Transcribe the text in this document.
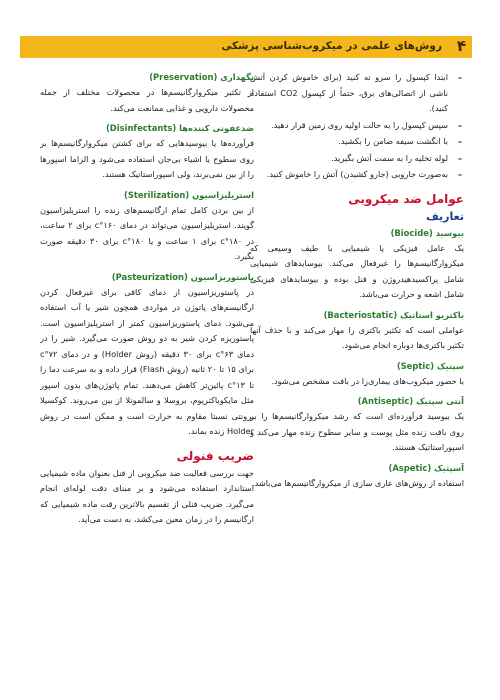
۴
روش‌های علمی در میکروب‌شناسی پزشکی
–
ابتدا کپسول را سرو ته کنید (برای خاموش کردن آتش ناشی از اتصالی‌های برق، حتماً از کپسول CO2 استفاده کنید).
–
سپس کپسول را به حالت اولیه روی زمین قرار دهید.
–
با انگشت سیفه ضامن را بکشید.
–
لوله تخلیه را به سمت آتش بگیرید.
–
به‌صورت جاروبی (جارو کشیدن) آتش را خاموش کنید.
عوامل ضد میکروبی
تعاریف
بیوسید (Biocide)

یک عامل فیزیکی یا شیمیایی با طیف وسیعی که میکروارگانیسم‌ها را غیرفعال می‌کند. بیوسایدهای شیمیایی شامل پراکسیدهیدروژن و فنل بوده و بیوسایدهای فیزیکی شامل اشعه و حرارت می‌باشد.

باکتریو استاتیک (Bacteriostatic)

عواملی است که تکثیر باکتری را مهار می‌کند و با حذف آنها تکثیر باکتری‌ها دوباره انجام می‌شود.

سپتیک (Septic)

با حضور میکروب‌های بیماری‌زا در بافت مشخص می‌شود.

آنتی سپتیک (Antiseptic)

یک بیوسید فرآورده‌ای است که رشد میکروارگانیسم‌ها را بر روی بافت زنده مثل پوست و سایر سطوح زنده مهار می‌کند و اسپوراستاتیک هستند.

آسپتیک (Aspetic)

استفاده از روش‌های عاری سازی از میکروارگانیسم‌ها می‌باشد.

نگهداری (Preservation)

از تکثیر میکروارگانیسم‌ها در محصولات مختلف از جمله محصولات دارویی و غذایی ممانعت می‌کند.

ضدعفونی کننده‌ها (Disinfectants)

فرآورده‌ها یا بیوسیدهایی که برای کشتن میکروارگانیسم‌ها بر روی سطوح یا اشیاء بی‌جان استفاده می‌شود و الزاما اسپورها را از بین نمی‌برند، ولی اسپوراستاتیک هستند.

استریلیزاسیون (Sterilization)

از بین بردن کامل تمام ارگانیسم‌های زنده را استریلیزاسیون گویند. استریلیزاسیون می‌تواند در دمای ۱۶۰°c برای ۲ ساعت، در ۱۸۰°c برای ۱ ساعت و یا ۱۸۰°c برای ۳۰ دقیقه صورت بگیرد.

پاستوریزاسیون (Pasteurization)

در پاستوریزاسیون از دمای کافی برای غیرفعال کردن ارگانیسم‌های پاتوژن در مواردی همچون شیر یا آب استفاده می‌شود. دمای پاستوریزاسیون کمتر از استریلیزاسیون است. پاستوریزه کردن شیر به دو روش صورت می‌گیرد. شیر را در دمای ۶۳°c برای ۳۰ دقیقه (روش Holder) و در دمای ۷۲°c برای ۱۵ تا ۲۰ ثانیه (روش Flash) قرار داده و به سرعت دما را تا ۱۳°c پائین‌تر کاهش می‌دهند. تمام پاتوژن‌های بدون اسپور مثل مایکوباکتریوم، بروسلا و سالمونلا از بین می‌روند. کوکسیلا برونتی نسبتا مقاوم به حرارت است و ممکن است در روش Holder زنده بماند.

ضریب فنولی

جهت بررسی فعالیت ضد میکروبی از فنل بعنوان ماده شیمیایی استاندارد استفاده می‌شود و بر مبنای دقت لوله‌ای انجام می‌گیرد. ضریب فنلی از تقسیم بالاترین رقت ماده شیمیایی که ارگانیسم را در زمان معین می‌کشد، به دست می‌آید.
